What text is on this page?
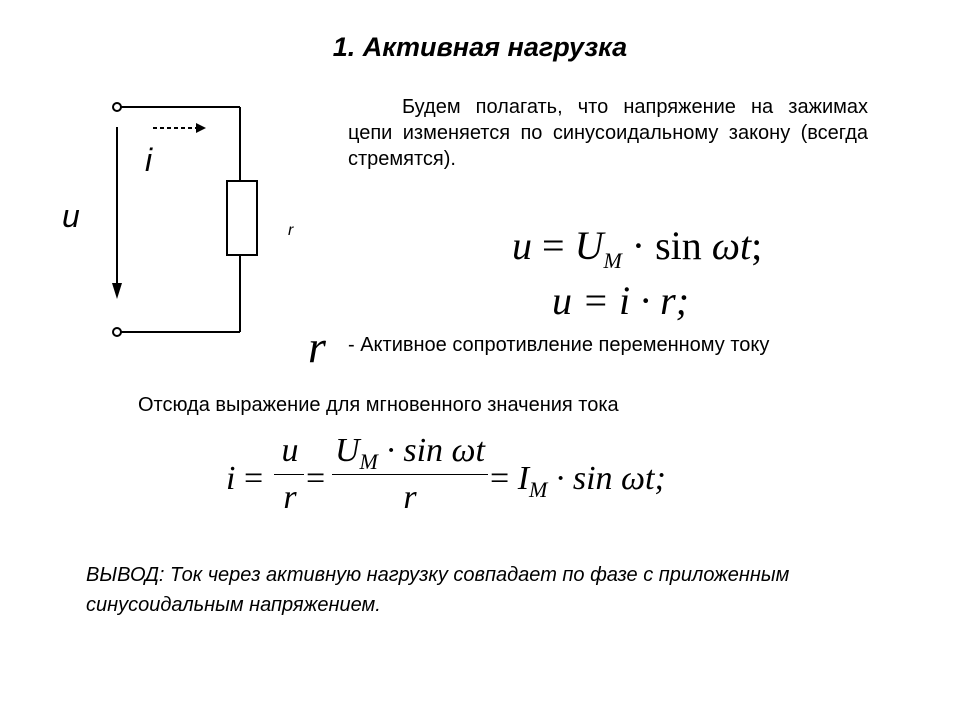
1. Активная нагрузка
u
i
r
Будем полагать, что напряжение на зажимах цепи изменяется по синусоидальному закону (всегда стремятся).
$u = U_M \cdot \sin \omega t$;
u = i · r;
r - Активное сопротивление переменному току
Отсюда выражение для мгновенного значения тока
i =
u
r
=
$U_M \cdot \sin \omega t$
r
= $I_M \cdot \sin \omega t$;
ВЫВОД: Ток через активную нагрузку совпадает по фазе с приложенным синусоидальным напряжением.
